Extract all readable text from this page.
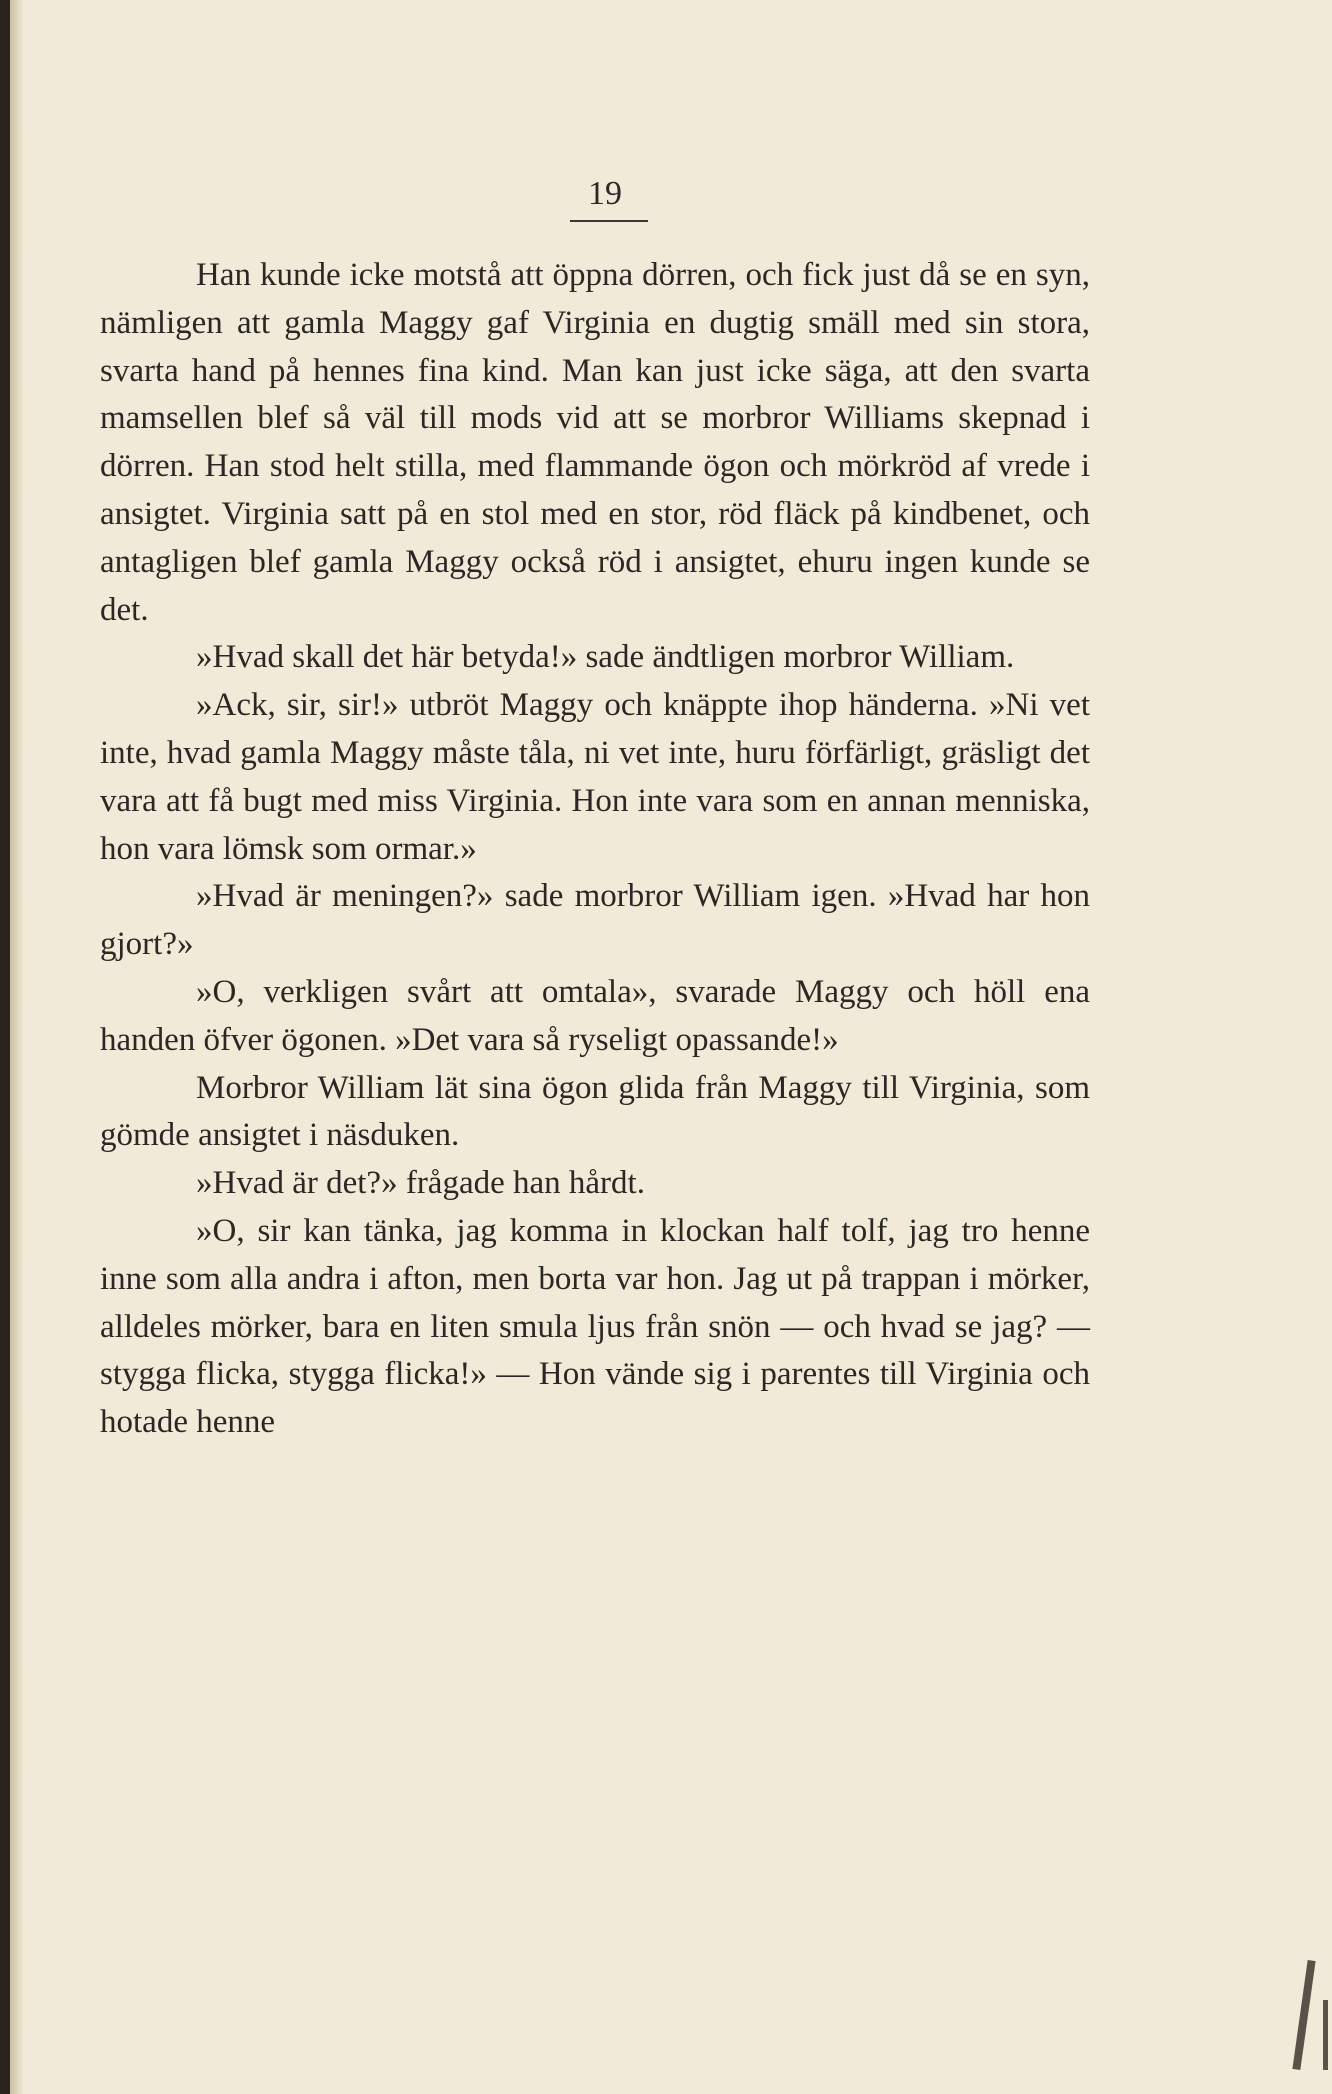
19

Han kunde icke motstå att öppna dörren, och fick just då se en syn, nämligen att gamla Maggy gaf Virginia en dugtig smäll med sin stora, svarta hand på hennes fina kind. Man kan just icke säga, att den svarta mamsellen blef så väl till mods vid att se morbror Williams skepnad i dörren. Han stod helt stilla, med flammande ögon och mörkröd af vrede i ansigtet. Virginia satt på en stol med en stor, röd fläck på kindbenet, och antagligen blef gamla Maggy också röd i ansigtet, ehuru ingen kunde se det.

»Hvad skall det här betyda!» sade ändtligen morbror William.

»Ack, sir, sir!» utbröt Maggy och knäppte ihop händerna. »Ni vet inte, hvad gamla Maggy måste tåla, ni vet inte, huru förfärligt, gräsligt det vara att få bugt med miss Virginia. Hon inte vara som en annan menniska, hon vara lömsk som ormar.»

»Hvad är meningen?» sade morbror William igen. »Hvad har hon gjort?»

»O, verkligen svårt att omtala», svarade Maggy och höll ena handen öfver ögonen. »Det vara så ryseligt opassande!»

Morbror William lät sina ögon glida från Maggy till Virginia, som gömde ansigtet i näsduken.

»Hvad är det?» frågade han hårdt.

»O, sir kan tänka, jag komma in klockan half tolf, jag tro henne inne som alla andra i afton, men borta var hon. Jag ut på trappan i mörker, alldeles mörker, bara en liten smula ljus från snön — och hvad se jag? — stygga flicka, stygga flicka!» — Hon vände sig i parentes till Virginia och hotade henne
